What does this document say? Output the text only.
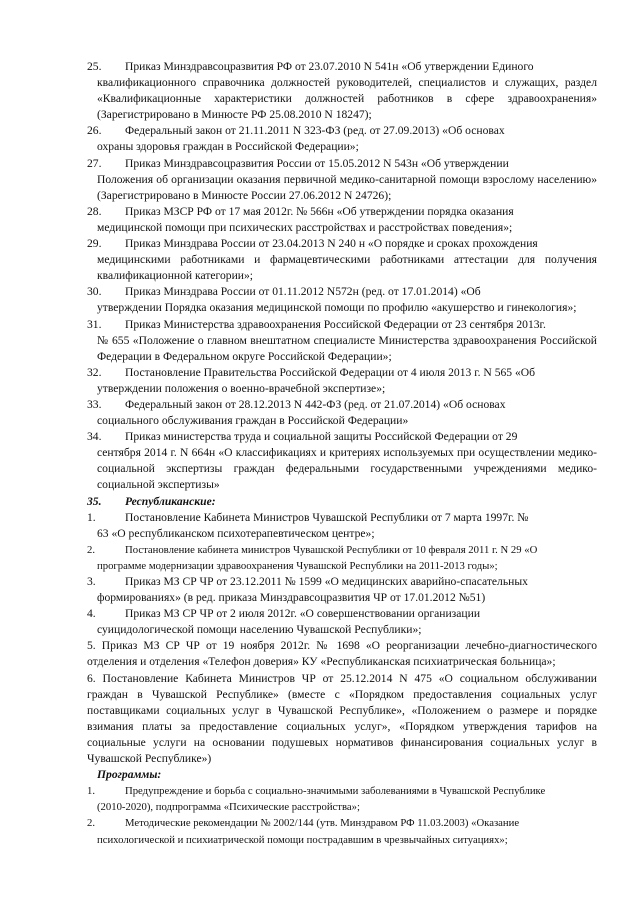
25. Приказ Минздравсоцразвития РФ от 23.07.2010 N 541н «Об утверждении Единого
квалификационного справочника должностей руководителей, специалистов и служащих, раздел «Квалификационные характеристики должностей работников в сфере здравоохранения» (Зарегистрировано в Минюсте РФ 25.08.2010 N 18247);
26. Федеральный закон от 21.11.2011 N 323-ФЗ (ред. от 27.09.2013) «Об основах
охраны здоровья граждан в Российской Федерации»;
27. Приказ Минздравсоцразвития России от 15.05.2012 N 543н «Об утверждении
Положения об организации оказания первичной медико-санитарной помощи взрослому населению» (Зарегистрировано в Минюсте России 27.06.2012 N 24726);
28. Приказ МЗСР РФ от 17 мая 2012г. № 566н «Об утверждении порядка оказания
медицинской помощи при психических расстройствах и расстройствах поведения»;
29. Приказ Минздрава России от 23.04.2013 N 240 н «О порядке и сроках прохождения
медицинскими работниками и фармацевтическими работниками аттестации для получения квалификационной категории»;
30. Приказ Минздрава России от 01.11.2012 N572н (ред. от 17.01.2014) «Об
утверждении Порядка оказания медицинской помощи по профилю «акушерство и гинекология»;
31. Приказ Министерства здравоохранения Российской Федерации от 23 сентября 2013г.
№ 655 «Положение о главном внештатном специалисте Министерства здравоохранения Российской Федерации в Федеральном округе Российской Федерации»;
32. Постановление Правительства Российской Федерации от 4 июля 2013 г. N 565 «Об
утверждении положения о военно-врачебной экспертизе»;
33. Федеральный закон от 28.12.2013 N 442-ФЗ (ред. от 21.07.2014) «Об основах
социального обслуживания граждан в Российской Федерации»
34. Приказ министерства труда и социальной защиты Российской Федерации от 29
сентября 2014 г. N 664н «О классификациях и критериях используемых при осуществлении медико-социальной экспертизы граждан федеральными государственными учреждениями медико-социальной экспертизы»
35. Республиканские:
1.	Постановление Кабинета Министров Чувашской Республики от 7 марта 1997г. №
63 «О республиканском психотерапевтическом центре»;
2.	Постановление кабинета министров Чувашской Республики от 10 февраля 2011 г. N 29 «О
программе модернизации здравоохранения Чувашской Республики на 2011-2013 годы»;
3.	Приказ МЗ СР ЧР от 23.12.2011 № 1599 «О медицинских аварийно-спасательных
формированиях» (в ред. приказа Минздравсоцразвития ЧР от 17.01.2012 №51)
4.	Приказ МЗ СР ЧР от 2 июля 2012г. «О совершенствовании организации
суицидологической помощи населению Чувашской Республики»;

5. Приказ МЗ СР ЧР от 19 ноября 2012г. № 1698 «О реорганизации лечебно-диагностического отделения и отделения «Телефон доверия» КУ «Республиканская психиатрическая больница»;

6. Постановление Кабинета Министров ЧР от 25.12.2014 N 475 «О социальном обслуживании граждан в Чувашской Республике» (вместе с «Порядком предоставления социальных услуг поставщиками социальных услуг в Чувашской Республике», «Положением о размере и порядке взимания платы за предоставление социальных услуг», «Порядком утверждения тарифов на социальные услуги на основании подушевых нормативов финансирования социальных услуг в Чувашской Республике»)

Программы:
1.	Предупреждение и борьба с социально-значимыми заболеваниями в Чувашской Республике
(2010-2020), подпрограмма «Психические расстройства»;
2.	Методические рекомендации № 2002/144 (утв. Минздравом РФ 11.03.2003) «Оказание
психологической и психиатрической помощи пострадавшим в чрезвычайных ситуациях»;
